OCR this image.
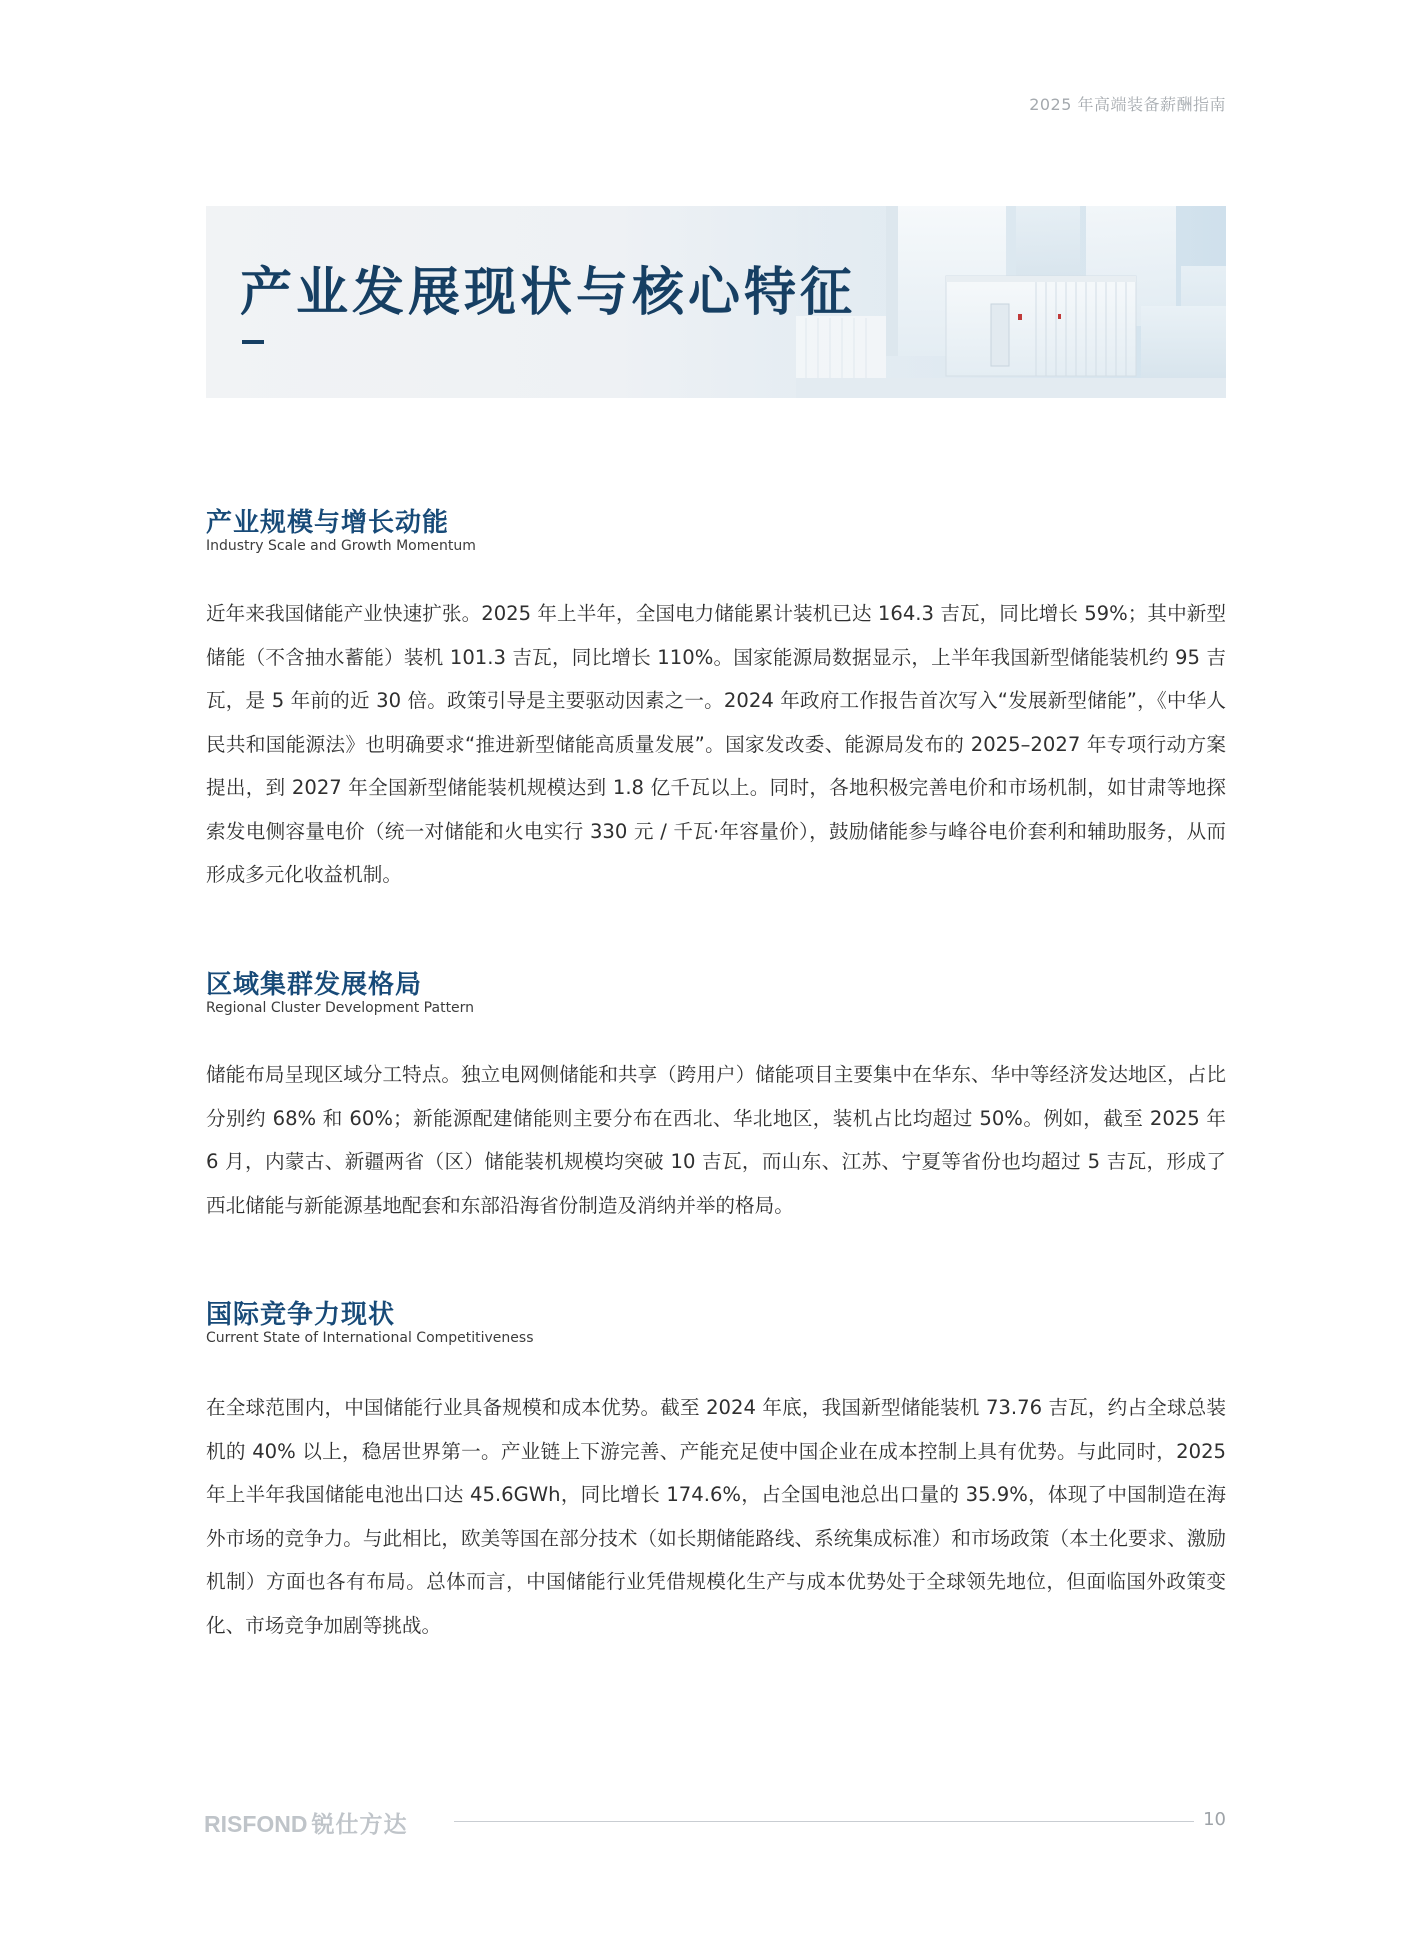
2025 年高端装备薪酬指南
产业发展现状与核心特征
产业规模与增长动能
Industry Scale and Growth Momentum
近年来我国储能产业快速扩张。2025 年上半年，全国电力储能累计装机已达 164.3 吉瓦，同比增长 59%；其中新型储能（不含抽水蓄能）装机 101.3 吉瓦，同比增长 110%。国家能源局数据显示，上半年我国新型储能装机约 95 吉瓦，是 5 年前的近 30 倍。政策引导是主要驱动因素之一。2024 年政府工作报告首次写入“发展新型储能”，《中华人民共和国能源法》也明确要求“推进新型储能高质量发展”。国家发改委、能源局发布的 2025–2027 年专项行动方案提出，到 2027 年全国新型储能装机规模达到 1.8 亿千瓦以上。同时，各地积极完善电价和市场机制，如甘肃等地探索发电侧容量电价（统一对储能和火电实行 330 元 / 千瓦·年容量价），鼓励储能参与峰谷电价套利和辅助服务，从而形成多元化收益机制。
区域集群发展格局
Regional Cluster Development Pattern
储能布局呈现区域分工特点。独立电网侧储能和共享（跨用户）储能项目主要集中在华东、华中等经济发达地区，占比分别约 68% 和 60%；新能源配建储能则主要分布在西北、华北地区，装机占比均超过 50%。例如，截至 2025 年 6 月，内蒙古、新疆两省（区）储能装机规模均突破 10 吉瓦，而山东、江苏、宁夏等省份也均超过 5 吉瓦，形成了西北储能与新能源基地配套和东部沿海省份制造及消纳并举的格局。
国际竞争力现状
Current State of International Competitiveness
在全球范围内，中国储能行业具备规模和成本优势。截至 2024 年底，我国新型储能装机 73.76 吉瓦，约占全球总装机的 40% 以上，稳居世界第一。产业链上下游完善、产能充足使中国企业在成本控制上具有优势。与此同时，2025 年上半年我国储能电池出口达 45.6GWh，同比增长 174.6%，占全国电池总出口量的 35.9%，体现了中国制造在海外市场的竞争力。与此相比，欧美等国在部分技术（如长期储能路线、系统集成标准）和市场政策（本土化要求、激励机制）方面也各有布局。总体而言，中国储能行业凭借规模化生产与成本优势处于全球领先地位，但面临国外政策变化、市场竞争加剧等挑战。
RISFOND 锐仕方达	10
